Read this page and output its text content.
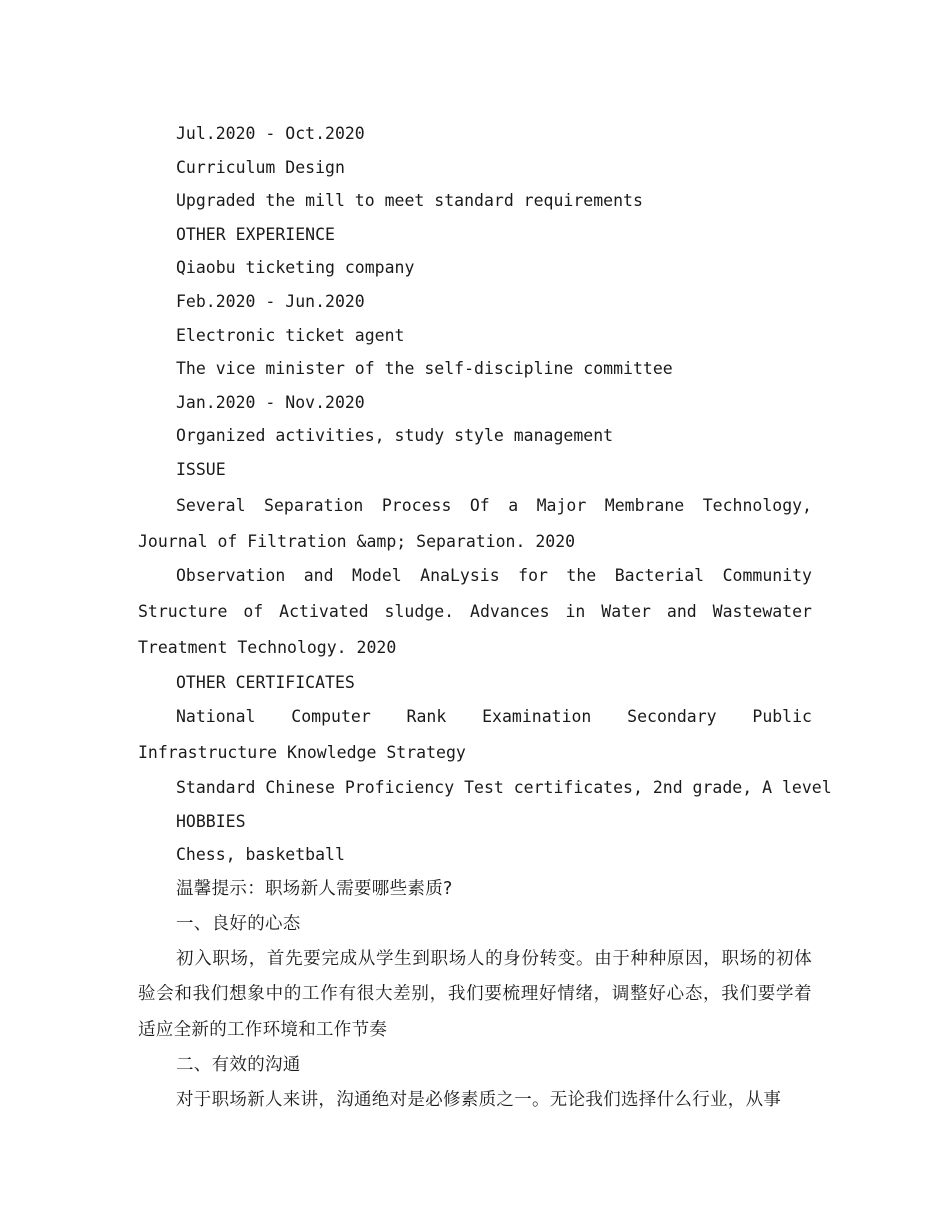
Jul.2020 - Oct.2020

Curriculum Design

Upgraded the mill to meet standard requirements

OTHER EXPERIENCE

Qiaobu ticketing company

Feb.2020 - Jun.2020

Electronic ticket agent

The vice minister of the self-discipline committee

Jan.2020 - Nov.2020

Organized activities, study style management

ISSUE

Several Separation Process Of a Major Membrane Technology, Journal of Filtration &amp; Separation. 2020

Observation and Model AnaLysis for the Bacterial Community Structure of Activated sludge. Advances in Water and Wastewater Treatment Technology. 2020

OTHER CERTIFICATES

National Computer Rank Examination Secondary Public Infrastructure Knowledge Strategy

Standard Chinese Proficiency Test certificates, 2nd grade, A level

HOBBIES

Chess, basketball

温馨提示：职场新人需要哪些素质?

一、良好的心态

初入职场，首先要完成从学生到职场人的身份转变。由于种种原因，职场的初体验会和我们想象中的工作有很大差别，我们要梳理好情绪，调整好心态，我们要学着适应全新的工作环境和工作节奏

二、有效的沟通

对于职场新人来讲，沟通绝对是必修素质之一。无论我们选择什么行业，从事
